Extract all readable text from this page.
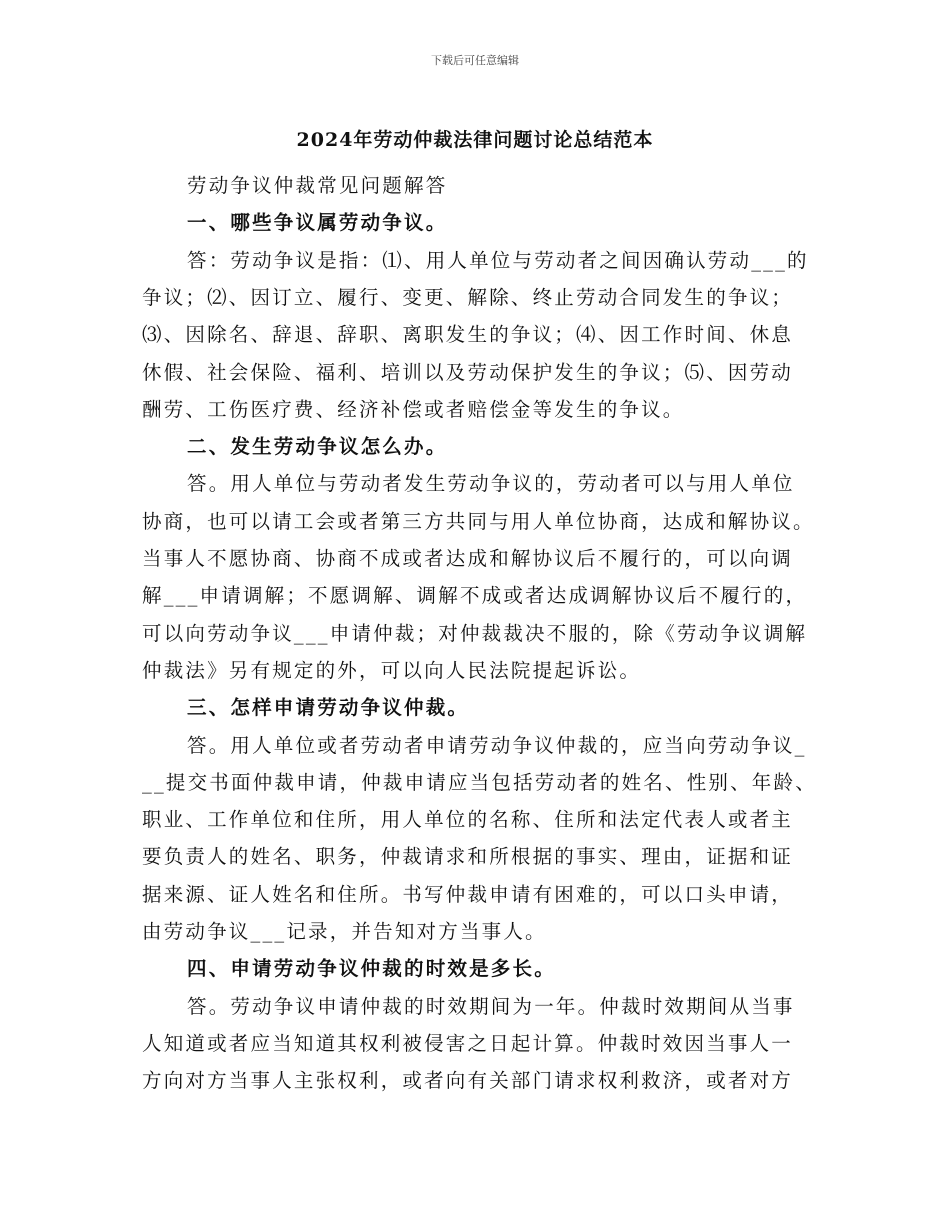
下载后可任意编辑
2024年劳动仲裁法律问题讨论总结范本
劳动争议仲裁常见问题解答
一、哪些争议属劳动争议。
答：劳动争议是指：⑴、用人单位与劳动者之间因确认劳动___的
争议；⑵、因订立、履行、变更、解除、终止劳动合同发生的争议；
⑶、因除名、辞退、辞职、离职发生的争议；⑷、因工作时间、休息
休假、社会保险、福利、培训以及劳动保护发生的争议；⑸、因劳动
酬劳、工伤医疗费、经济补偿或者赔偿金等发生的争议。
二、发生劳动争议怎么办。
答。用人单位与劳动者发生劳动争议的，劳动者可以与用人单位
协商，也可以请工会或者第三方共同与用人单位协商，达成和解协议。
当事人不愿协商、协商不成或者达成和解协议后不履行的，可以向调
解___申请调解；不愿调解、调解不成或者达成调解协议后不履行的，
可以向劳动争议___申请仲裁；对仲裁裁决不服的，除《劳动争议调解
仲裁法》另有规定的外，可以向人民法院提起诉讼。
三、怎样申请劳动争议仲裁。
答。用人单位或者劳动者申请劳动争议仲裁的，应当向劳动争议_
__提交书面仲裁申请，仲裁申请应当包括劳动者的姓名、性别、年龄、
职业、工作单位和住所，用人单位的名称、住所和法定代表人或者主
要负责人的姓名、职务，仲裁请求和所根据的事实、理由，证据和证
据来源、证人姓名和住所。书写仲裁申请有困难的，可以口头申请，
由劳动争议___记录，并告知对方当事人。
四、申请劳动争议仲裁的时效是多长。
答。劳动争议申请仲裁的时效期间为一年。仲裁时效期间从当事
人知道或者应当知道其权利被侵害之日起计算。仲裁时效因当事人一
方向对方当事人主张权利，或者向有关部门请求权利救济，或者对方
